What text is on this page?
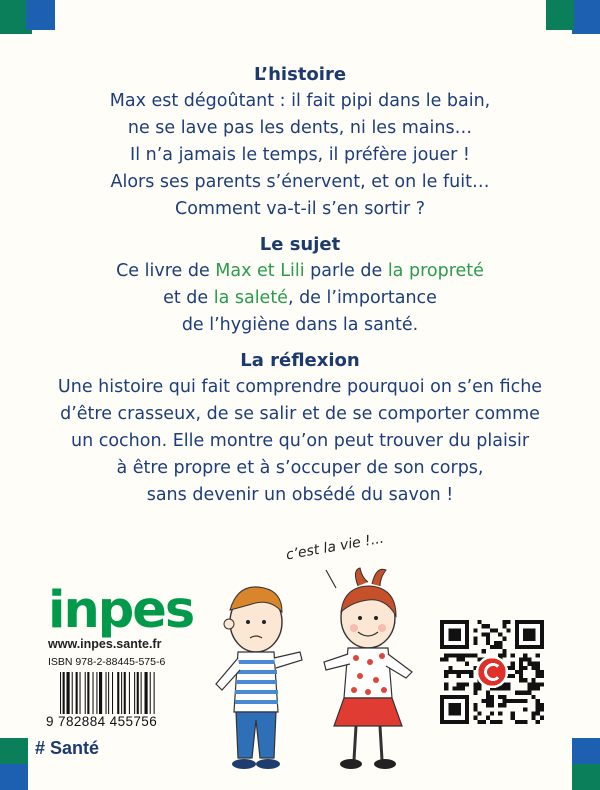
L’histoire
Max est dégoûtant : il fait pipi dans le bain,
ne se lave pas les dents, ni les mains…
Il n’a jamais le temps, il préfère jouer !
Alors ses parents s’énervent, et on le fuit…
Comment va-t-il s’en sortir ?
Le sujet
Ce livre de Max et Lili parle de la propreté
et de la saleté, de l’importance
de l’hygiène dans la santé.
La réflexion
Une histoire qui fait comprendre pourquoi on s’en fiche
d’être crasseux, de se salir et de se comporter comme
un cochon. Elle montre qu’on peut trouver du plaisir
à être propre et à s’occuper de son corps,
sans devenir un obsédé du savon !
inpes
www.inpes.sante.fr
ISBN 978-2-88445-575-6
9 782884 455756
# Santé
c’est la vie !...
